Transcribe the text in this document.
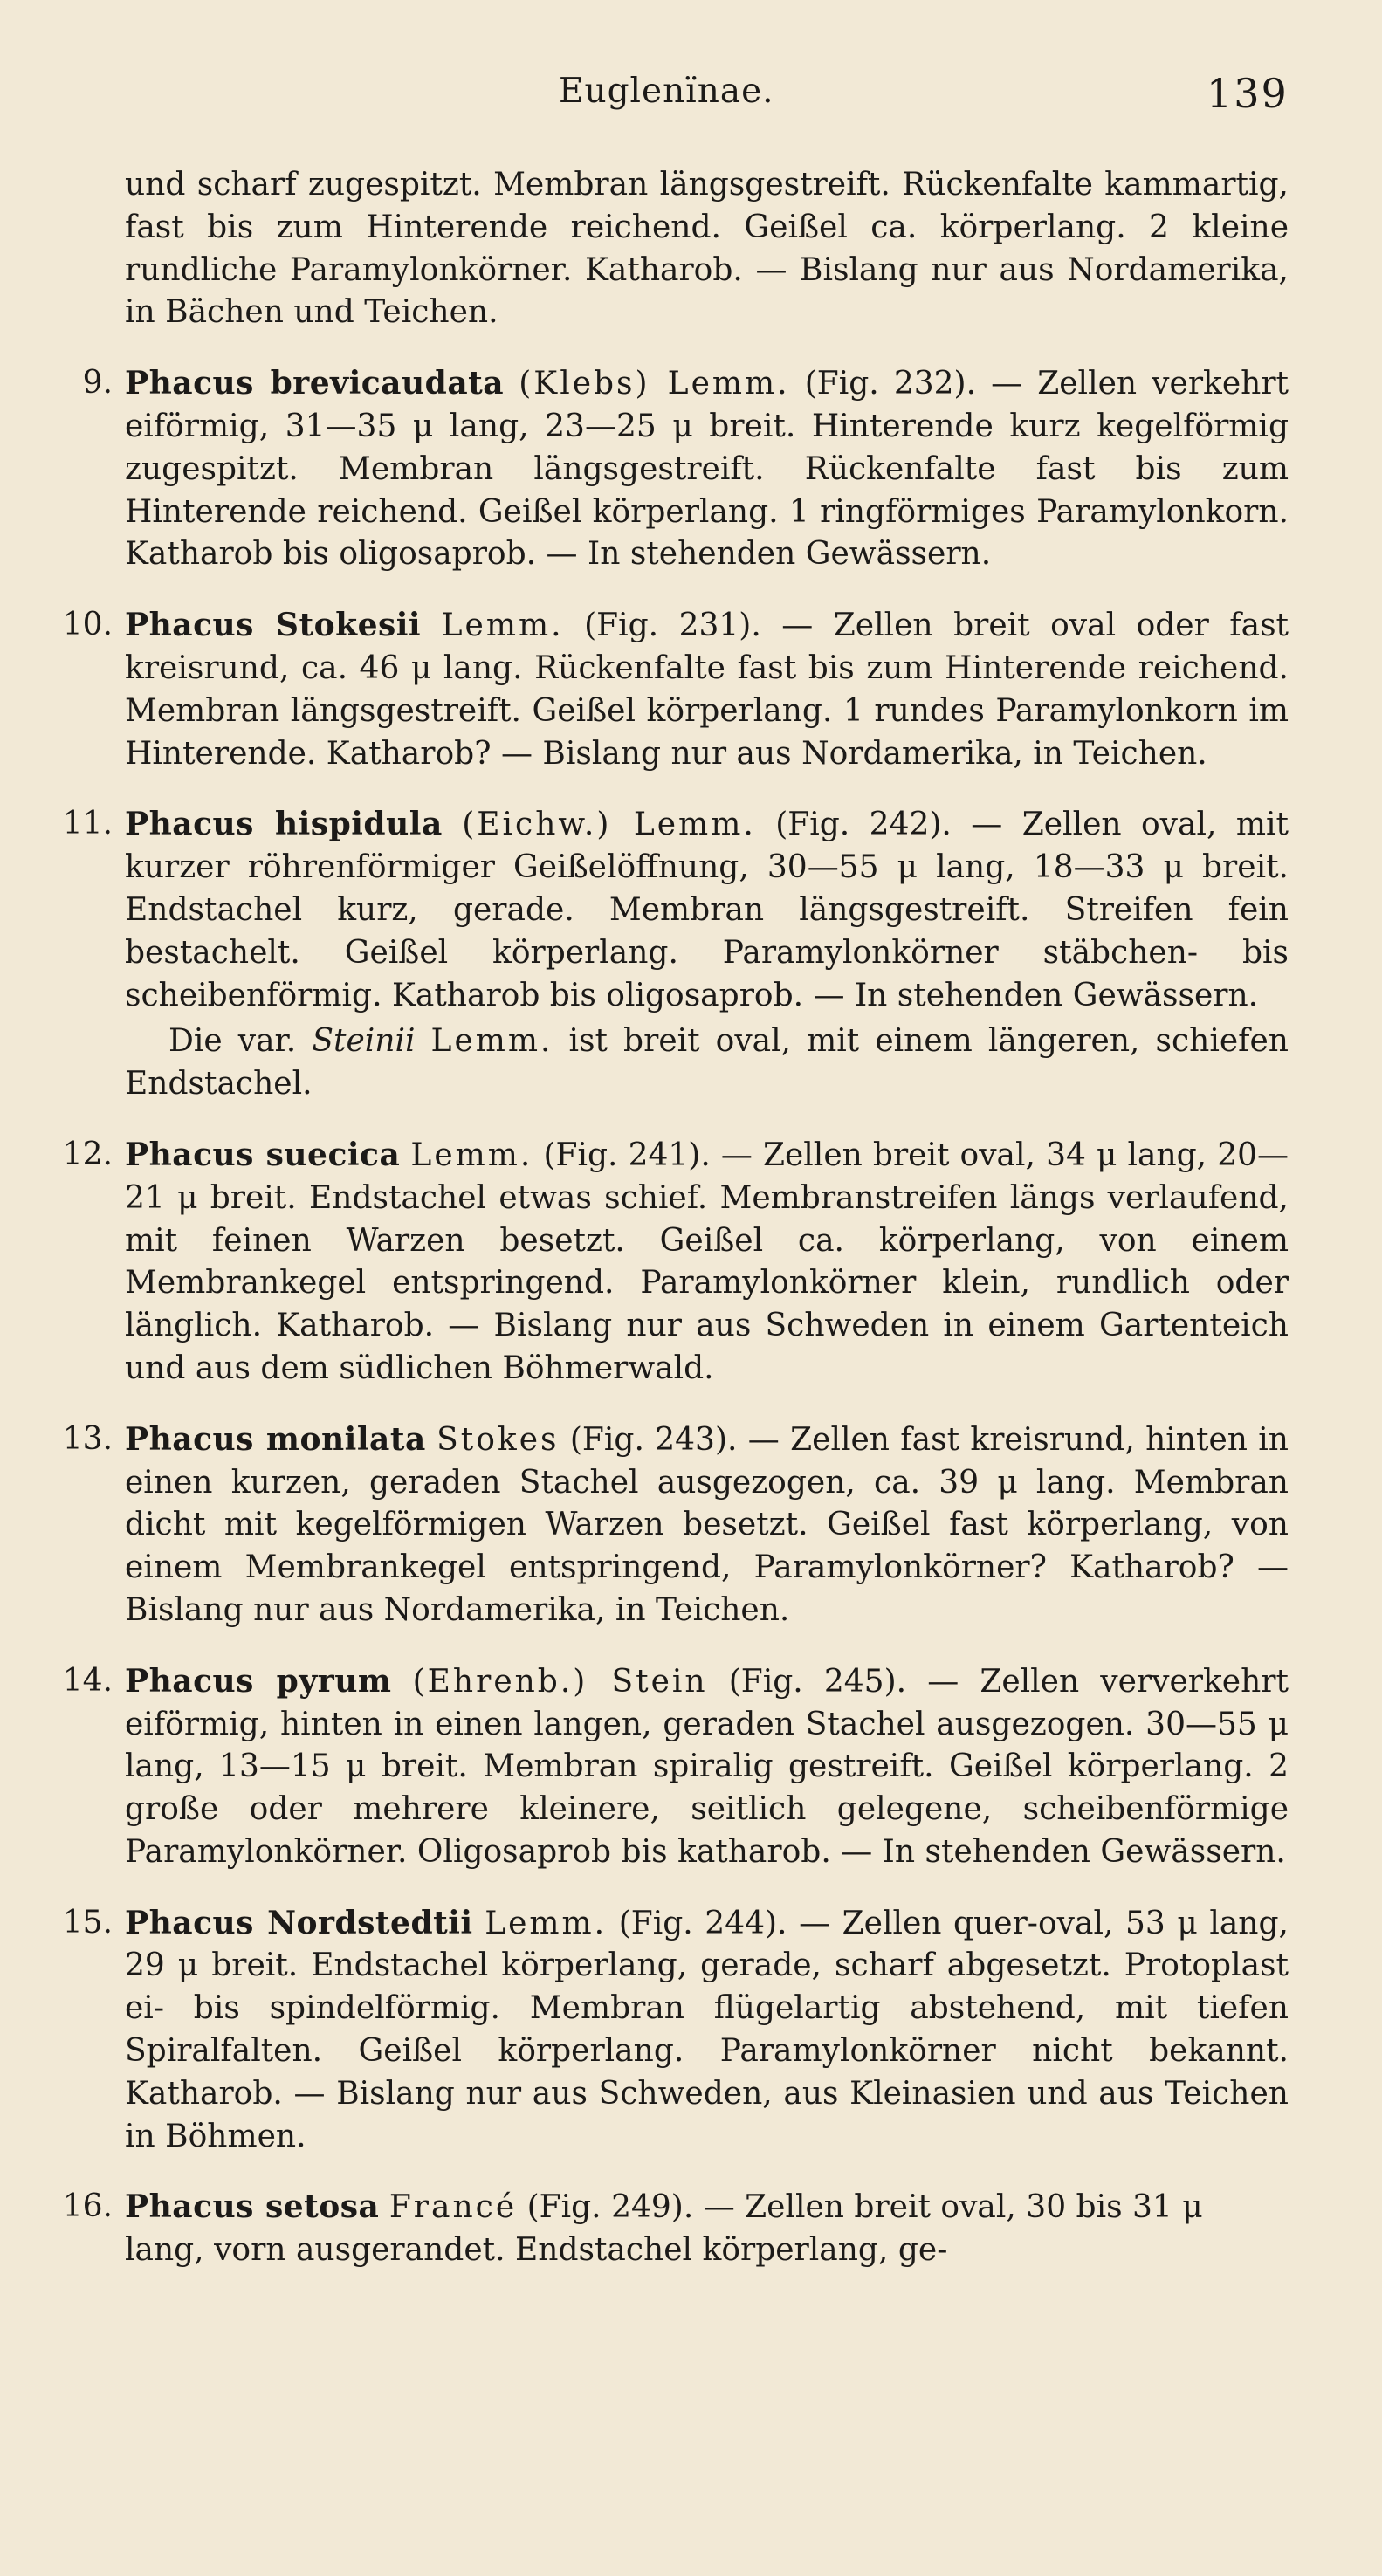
Euglenïnae.	139

und scharf zugespitzt. Membran längsgestreift. Rückenfalte kammartig, fast bis zum Hinterende reichend. Geißel ca. körperlang. 2 kleine rundliche Paramylonkörner. Katharob. — Bislang nur aus Nordamerika, in Bächen und Teichen.

9. Phacus brevicaudata (Klebs) Lemm. (Fig. 232). — Zellen verkehrt eiförmig, 31—35 μ lang, 23—25 μ breit. Hinterende kurz kegelförmig zugespitzt. Membran längsgestreift. Rückenfalte fast bis zum Hinterende reichend. Geißel körperlang. 1 ringförmiges Paramylonkorn. Katharob bis oligosaprob. — In stehenden Gewässern.

10. Phacus Stokesii Lemm. (Fig. 231). — Zellen breit oval oder fast kreisrund, ca. 46 μ lang. Rückenfalte fast bis zum Hinterende reichend. Membran längsgestreift. Geißel körperlang. 1 rundes Paramylonkorn im Hinterende. Katharob? — Bislang nur aus Nordamerika, in Teichen.

11. Phacus hispidula (Eichw.) Lemm. (Fig. 242). — Zellen oval, mit kurzer röhrenförmiger Geißelöffnung, 30—55 μ lang, 18—33 μ breit. Endstachel kurz, gerade. Membran längsgestreift. Streifen fein bestachelt. Geißel körperlang. Paramylonkörner stäbchen- bis scheibenförmig. Katharob bis oligosaprob. — In stehenden Gewässern.

Die var. Steinii Lemm. ist breit oval, mit einem längeren, schiefen Endstachel.

12. Phacus suecica Lemm. (Fig. 241). — Zellen breit oval, 34 μ lang, 20—21 μ breit. Endstachel etwas schief. Membranstreifen längs verlaufend, mit feinen Warzen besetzt. Geißel ca. körperlang, von einem Membrankegel entspringend. Paramylonkörner klein, rundlich oder länglich. Katharob. — Bislang nur aus Schweden in einem Gartenteich und aus dem südlichen Böhmerwald.

13. Phacus monilata Stokes (Fig. 243). — Zellen fast kreisrund, hinten in einen kurzen, geraden Stachel ausgezogen, ca. 39 μ lang. Membran dicht mit kegelförmigen Warzen besetzt. Geißel fast körperlang, von einem Membrankegel entspringend, Paramylonkörner? Katharob? — Bislang nur aus Nordamerika, in Teichen.

14. Phacus pyrum (Ehrenb.) Stein (Fig. 245). — Zellen ververkehrt eiförmig, hinten in einen langen, geraden Stachel ausgezogen. 30—55 μ lang, 13—15 μ breit. Membran spiralig gestreift. Geißel körperlang. 2 große oder mehrere kleinere, seitlich gelegene, scheibenförmige Paramylonkörner. Oligosaprob bis katharob. — In stehenden Gewässern.

15. Phacus Nordstedtii Lemm. (Fig. 244). — Zellen quer-oval, 53 μ lang, 29 μ breit. Endstachel körperlang, gerade, scharf abgesetzt. Protoplast ei- bis spindelförmig. Membran flügelartig abstehend, mit tiefen Spiralfalten. Geißel körperlang. Paramylonkörner nicht bekannt. Katharob. — Bislang nur aus Schweden, aus Kleinasien und aus Teichen in Böhmen.

16. Phacus setosa Francé (Fig. 249). — Zellen breit oval, 30 bis 31 μ lang, vorn ausgerandet. Endstachel körperlang, ge-
